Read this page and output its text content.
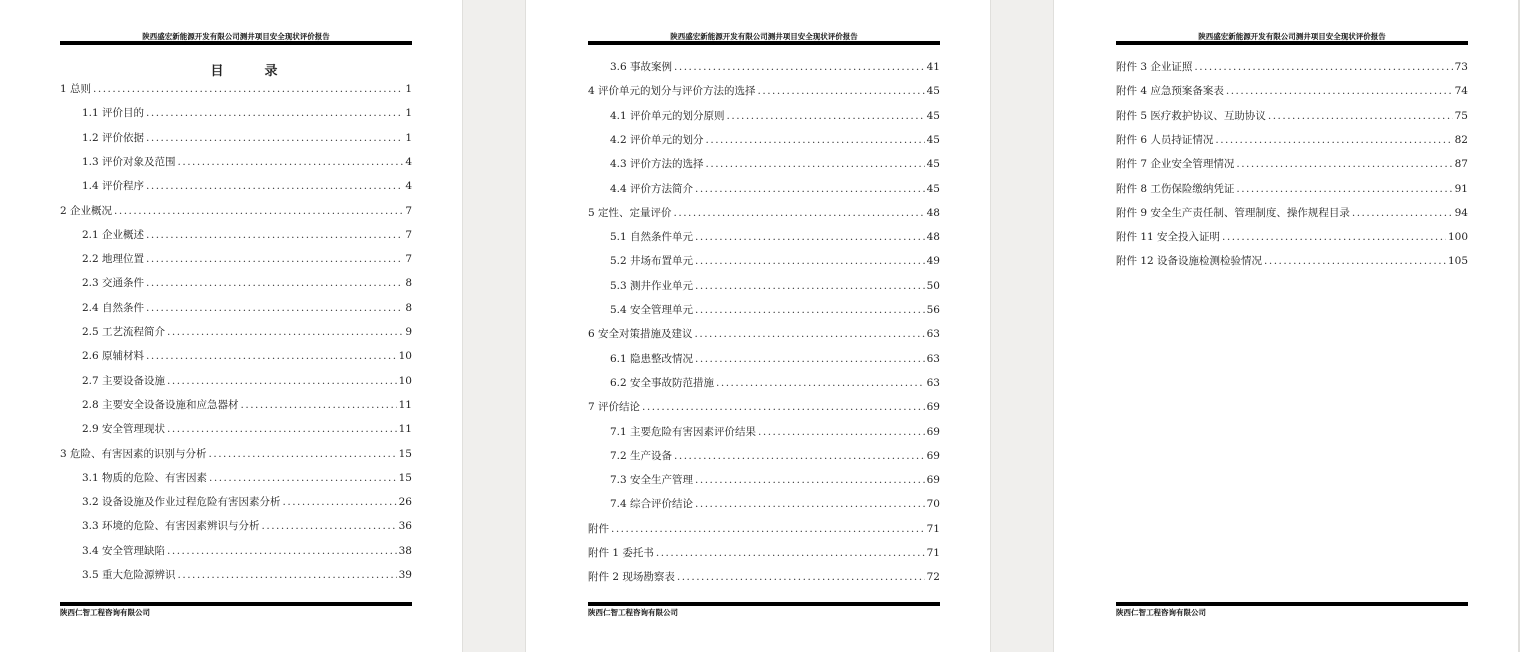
陕西盛宏新能源开发有限公司测井项目安全现状评价报告
目　录
1 总则 .....	1
1.1 评价目的 .....	1
1.2 评价依据 .....	1
1.3 评价对象及范围 .....	4
1.4 评价程序 .....	4
2 企业概况 .....	7
2.1 企业概述 .....	7
2.2 地理位置 .....	7
2.3 交通条件 .....	8
2.4 自然条件 .....	8
2.5 工艺流程简介 .....	9
2.6 原辅材料 .....	10
2.7 主要设备设施 .....	10
2.8 主要安全设备设施和应急器材 .....	11
2.9 安全管理现状 .....	11
3 危险、有害因素的识别与分析 .....	15
3.1 物质的危险、有害因素 .....	15
3.2 设备设施及作业过程危险有害因素分析 .....	26
3.3 环境的危险、有害因素辨识与分析 .....	36
3.4 安全管理缺陷 .....	38
3.5 重大危险源辨识 .....	39
陕西仁智工程咨询有限公司
陕西盛宏新能源开发有限公司测井项目安全现状评价报告
3.6 事故案例 .....	41
4 评价单元的划分与评价方法的选择 .....	45
4.1 评价单元的划分原则 .....	45
4.2 评价单元的划分 .....	45
4.3 评价方法的选择 .....	45
4.4 评价方法简介 .....	45
5 定性、定量评价 .....	48
5.1 自然条件单元 .....	48
5.2 井场布置单元 .....	49
5.3 测井作业单元 .....	50
5.4 安全管理单元 .....	56
6 安全对策措施及建议 .....	63
6.1 隐患整改情况 .....	63
6.2 安全事故防范措施 .....	63
7 评价结论 .....	69
7.1 主要危险有害因素评价结果 .....	69
7.2 生产设备 .....	69
7.3 安全生产管理 .....	69
7.4 综合评价结论 .....	70
附件 .....	71
附件 1 委托书 .....	71
附件 2 现场勘察表 .....	72
陕西仁智工程咨询有限公司
陕西盛宏新能源开发有限公司测井项目安全现状评价报告
附件 3 企业证照 .....	73
附件 4 应急预案备案表 .....	74
附件 5 医疗救护协议、互助协议 .....	75
附件 6 人员持证情况 .....	82
附件 7 企业安全管理情况 .....	87
附件 8 工伤保险缴纳凭证 .....	91
附件 9 安全生产责任制、管理制度、操作规程目录 .....	94
附件 11 安全投入证明 .....	100
附件 12 设备设施检测检验情况 .....	105
陕西仁智工程咨询有限公司
